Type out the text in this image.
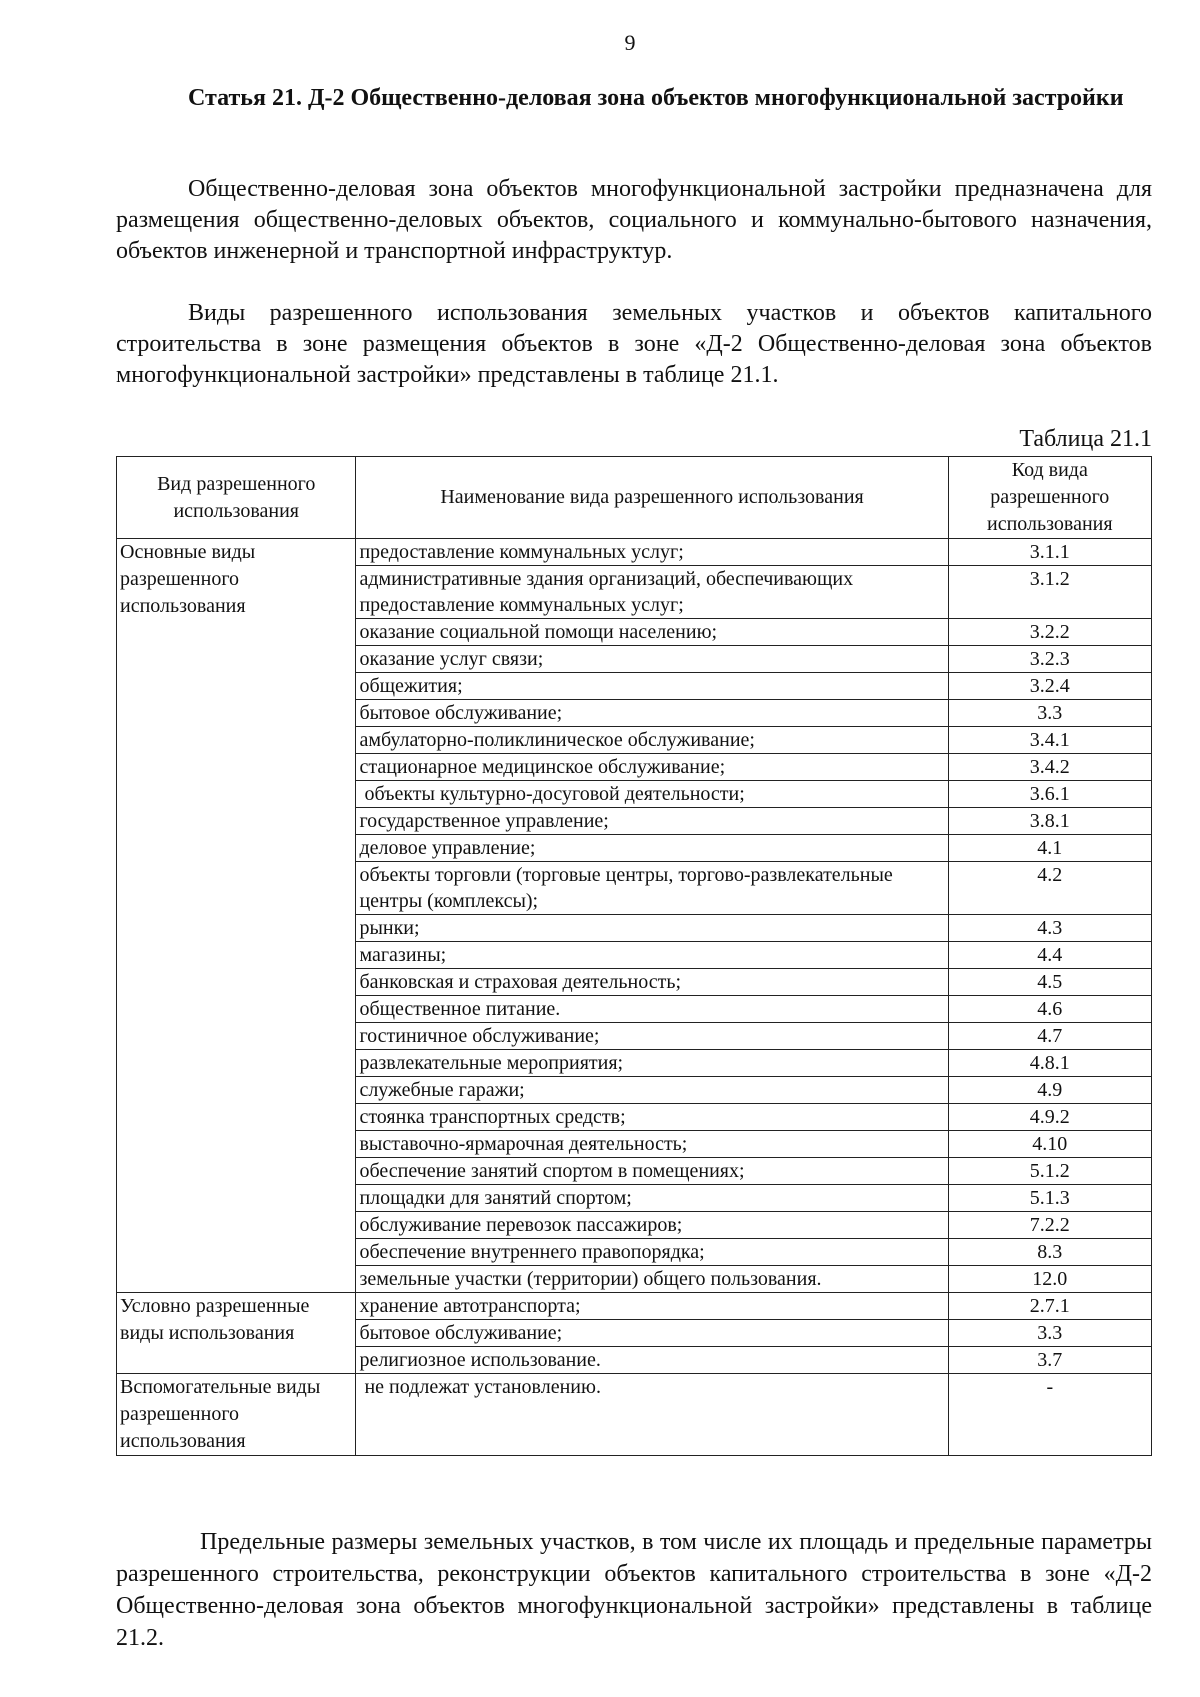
9
Статья 21. Д-2 Общественно-деловая зона объектов многофункциональной застройки

Общественно-деловая зона объектов многофункциональной застройки предназначена для размещения общественно-деловых объектов, социального и коммунально-бытового назначения, объектов инженерной и транспортной инфраструктур.

Виды разрешенного использования земельных участков и объектов капитального строительства в зоне размещения объектов в зоне «Д-2 Общественно-деловая зона объектов многофункциональной застройки» представлены в таблице 21.1.

Таблица 21.1
Вид разрешенного использования	Наименование вида разрешенного использования	Код вида разрешенного использования
Основные виды разрешенного использования	предоставление коммунальных услуг;	3.1.1
	административные здания организаций, обеспечивающих предоставление коммунальных услуг;	3.1.2
	оказание социальной помощи населению;	3.2.2
	оказание услуг связи;	3.2.3
	общежития;	3.2.4
	бытовое обслуживание;	3.3
	амбулаторно-поликлиническое обслуживание;	3.4.1
	стационарное медицинское обслуживание;	3.4.2
	объекты культурно-досуговой деятельности;	3.6.1
	государственное управление;	3.8.1
	деловое управление;	4.1
	объекты торговли (торговые центры, торгово-развлекательные центры (комплексы);	4.2
	рынки;	4.3
	магазины;	4.4
	банковская и страховая деятельность;	4.5
	общественное питание.	4.6
	гостиничное обслуживание;	4.7
	развлекательные мероприятия;	4.8.1
	служебные гаражи;	4.9
	стоянка транспортных средств;	4.9.2
	выставочно-ярмарочная деятельность;	4.10
	обеспечение занятий спортом в помещениях;	5.1.2
	площадки для занятий спортом;	5.1.3
	обслуживание перевозок пассажиров;	7.2.2
	обеспечение внутреннего правопорядка;	8.3
	земельные участки (территории) общего пользования.	12.0
Условно разрешенные виды использования	хранение автотранспорта;	2.7.1
	бытовое обслуживание;	3.3
	религиозное использование.	3.7
Вспомогательные виды разрешенного использования	не подлежат установлению.	-

Предельные размеры земельных участков, в том числе их площадь и предельные параметры разрешенного строительства, реконструкции объектов капитального строительства в зоне «Д-2 Общественно-деловая зона объектов многофункциональной застройки» представлены в таблице 21.2.
